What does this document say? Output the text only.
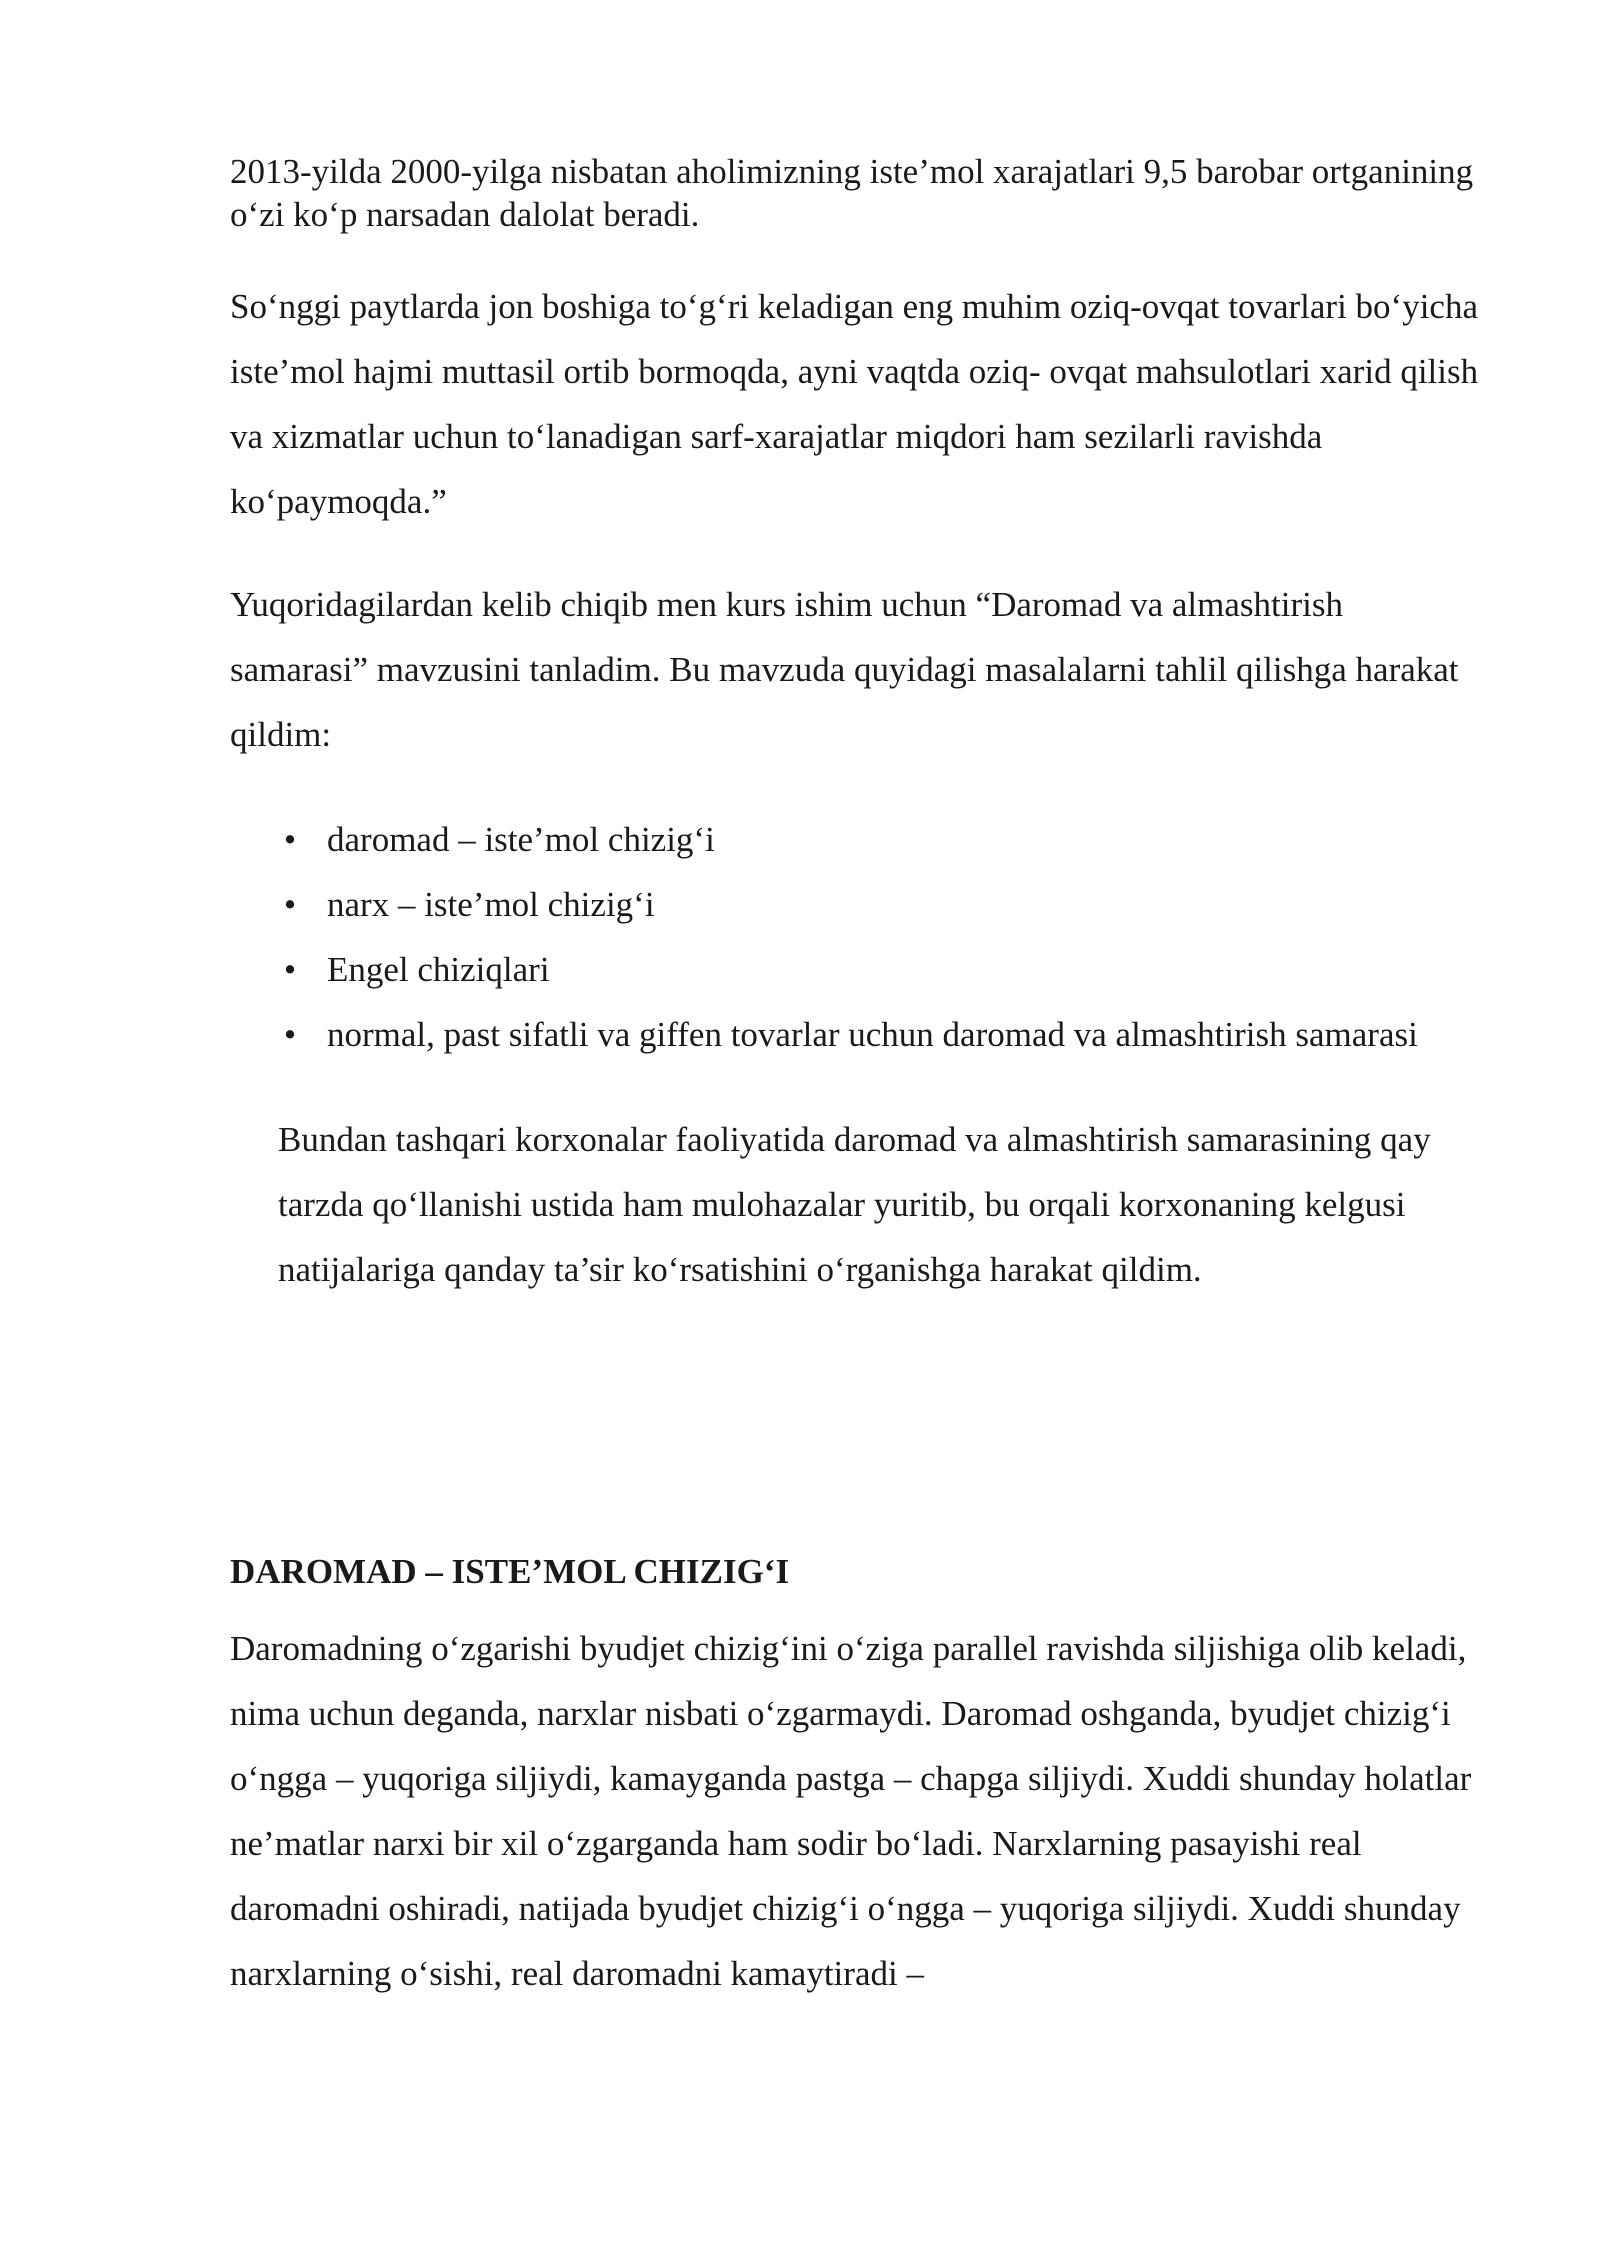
2013-yilda 2000-yilga nisbatan aholimizning iste’mol xarajatlari 9,5 barobar ortganining o‘zi ko‘p narsadan dalolat beradi.

So‘nggi paytlarda jon boshiga to‘g‘ri keladigan eng muhim oziq-ovqat tovarlari bo‘yicha iste’mol hajmi muttasil ortib bormoqda, ayni vaqtda oziq- ovqat mahsulotlari xarid qilish va xizmatlar uchun to‘lanadigan sarf-xarajatlar miqdori ham sezilarli ravishda ko‘paymoqda.”

Yuqoridagilardan kelib chiqib men kurs ishim uchun “Daromad va almashtirish samarasi” mavzusini tanladim. Bu mavzuda quyidagi masalalarni tahlil qilishga harakat qildim:

• daromad – iste’mol chizig‘i
• narx – iste’mol chizig‘i
• Engel chiziqlari
• normal, past sifatli va giffen tovarlar uchun daromad va almashtirish samarasi

Bundan tashqari korxonalar faoliyatida daromad va almashtirish samarasining qay tarzda qo‘llanishi ustida ham mulohazalar yuritib, bu orqali korxonaning kelgusi natijalariga qanday ta’sir ko‘rsatishini o‘rganishga harakat qildim.

DAROMAD – ISTE’MOL CHIZIG‘I

Daromadning o‘zgarishi byudjet chizig‘ini o‘ziga parallel ravishda siljishiga olib keladi, nima uchun deganda, narxlar nisbati o‘zgarmaydi. Daromad oshganda, byudjet chizig‘i o‘ngga – yuqoriga siljiydi, kamayganda pastga – chapga siljiydi. Xuddi shunday holatlar ne’matlar narxi bir xil o‘zgarganda ham sodir bo‘ladi. Narxlarning pasayishi real daromadni oshiradi, natijada byudjet chizig‘i o‘ngga – yuqoriga siljiydi. Xuddi shunday narxlarning o‘sishi, real daromadni kamaytiradi –
